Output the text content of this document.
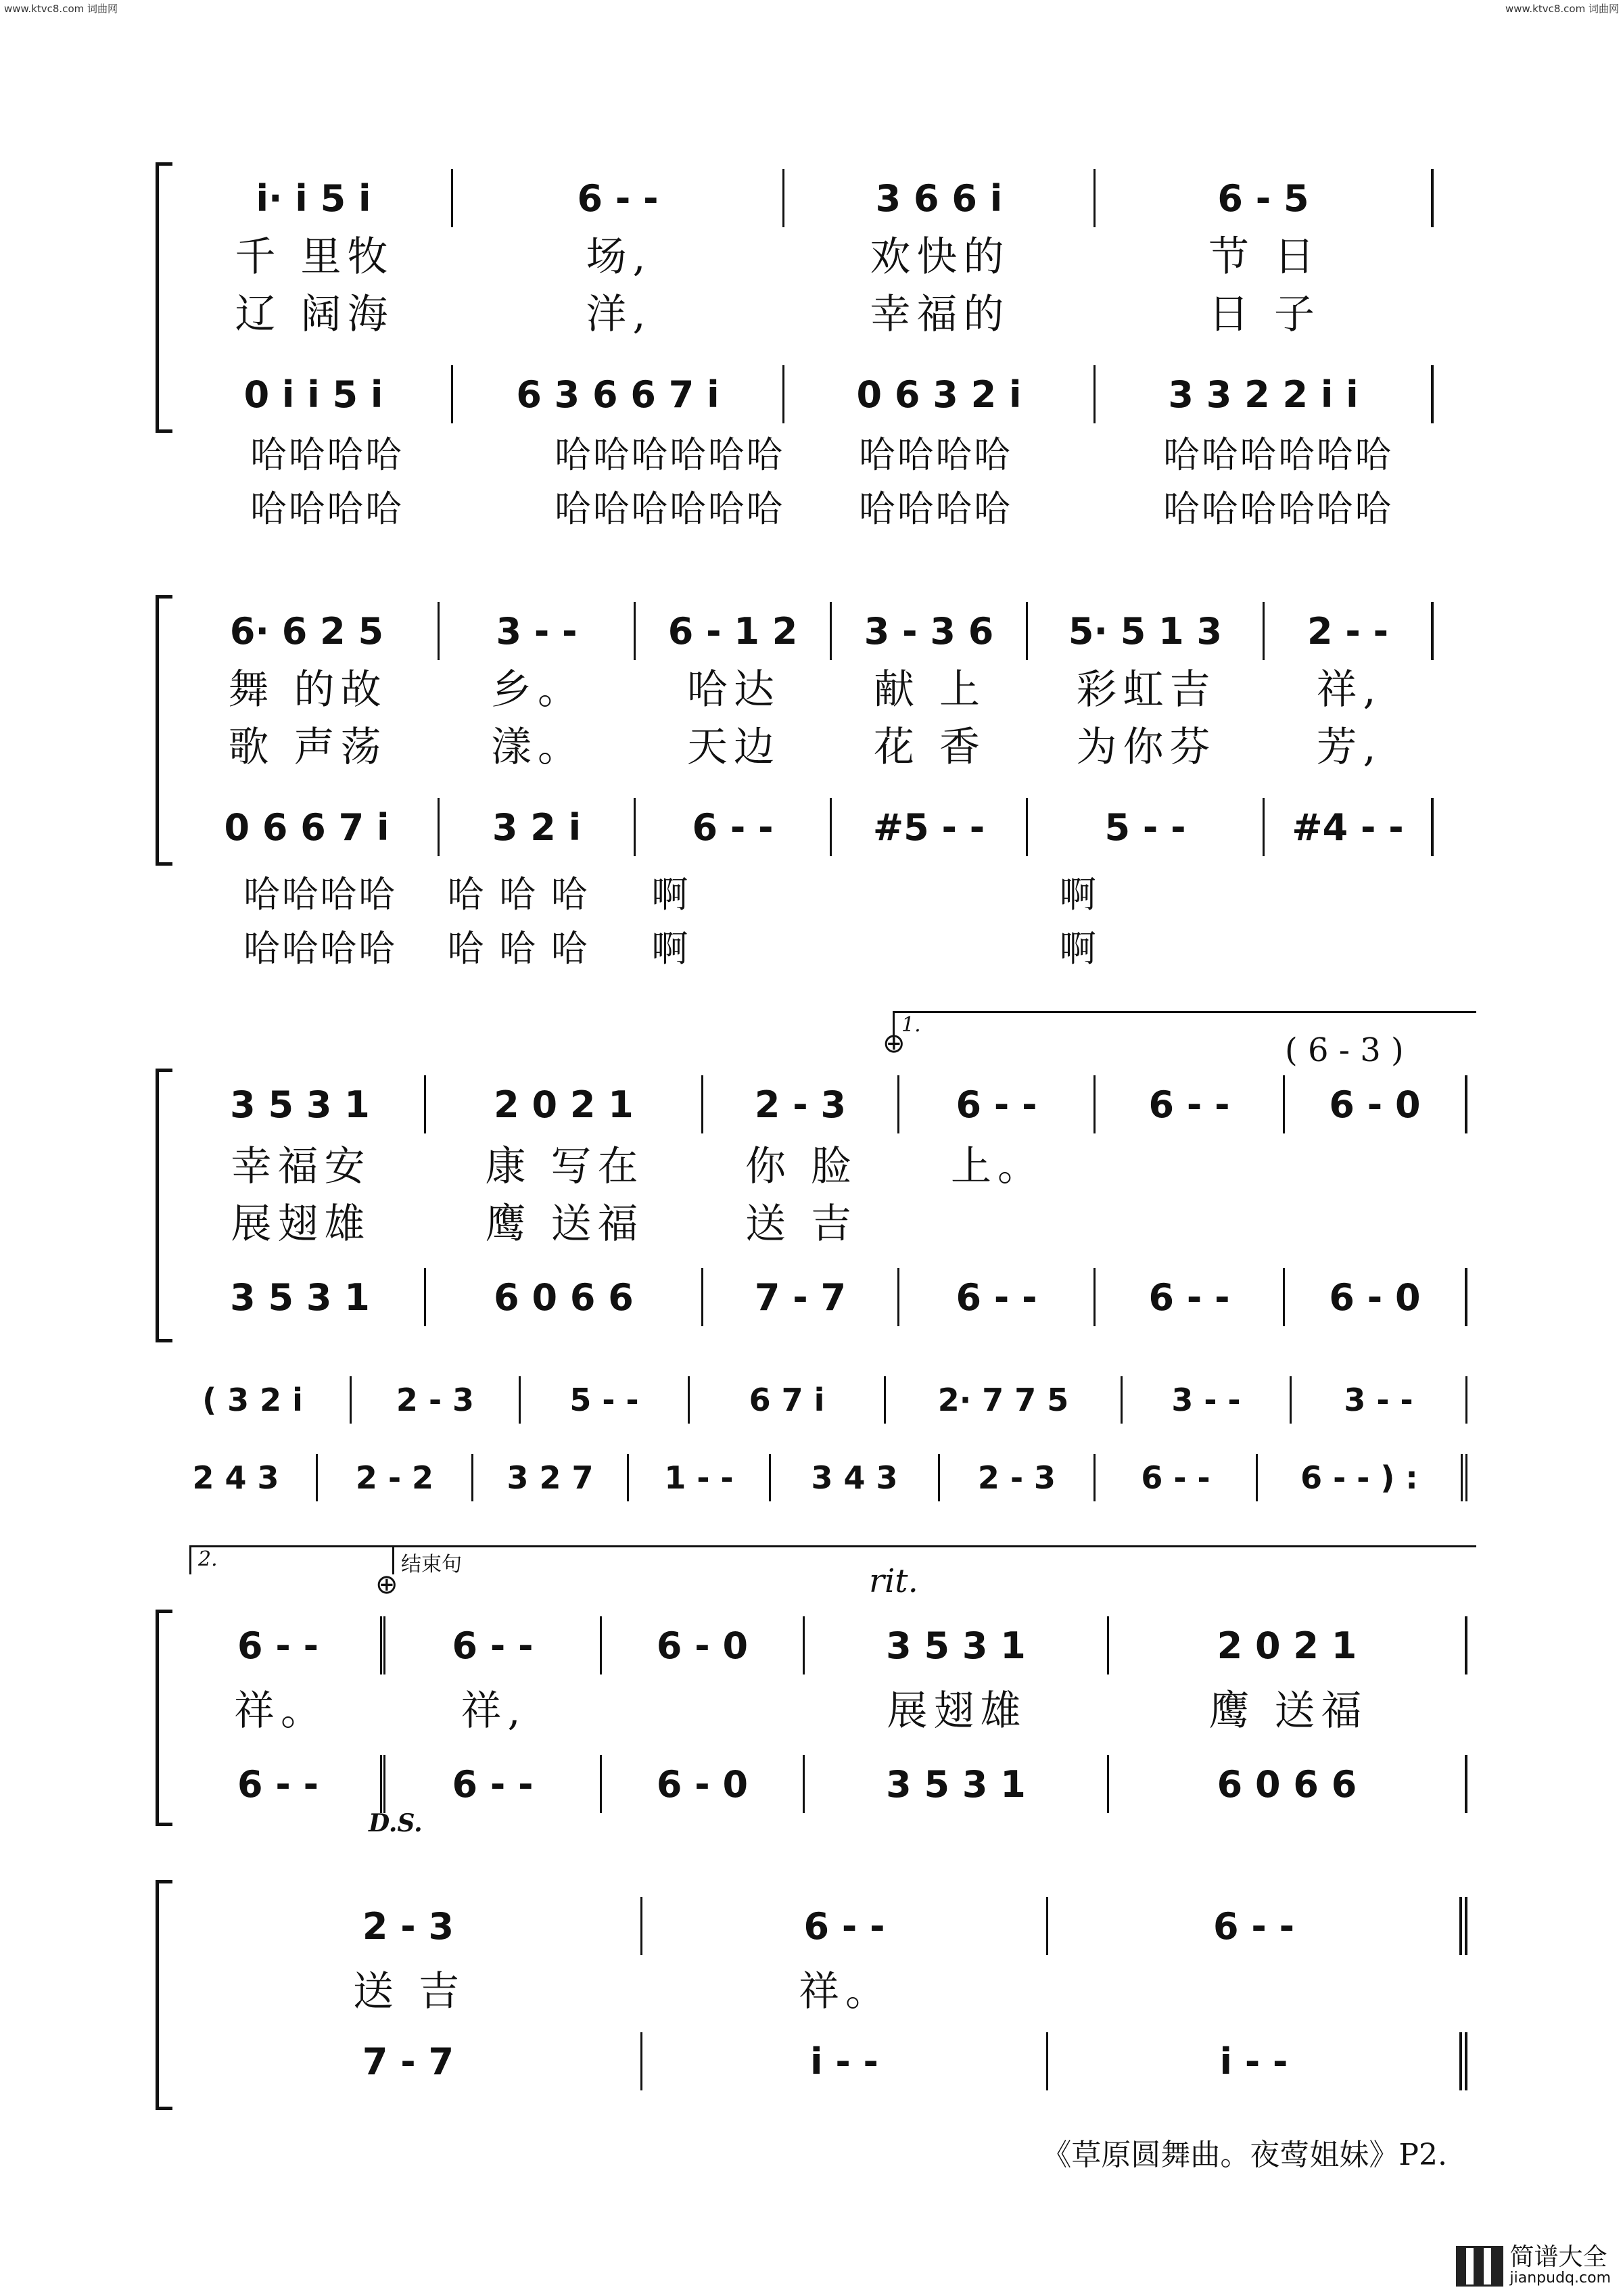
www.ktvc8.com 词曲网	www.ktvc8.com 词曲网
i· i 5 i	6 - -	3 6 6 i	6 - 5
千 里牧	场,	欢快的	节 日
辽 阔海	洋,	幸福的	日 子
0 i i 5 i	6 3 6 6 7 i	0 6 3 2 i	3 3 2 2 i i
哈哈哈哈	哈哈哈哈哈哈	哈哈哈哈	哈哈哈哈哈哈
哈哈哈哈	哈哈哈哈哈哈	哈哈哈哈	哈哈哈哈哈哈
6· 6 2 5	3 - -	6 - 1 2	3 - 3 6	5· 5 1 3	2 - -
舞 的故	乡。	哈达	献 上	彩虹吉	祥,
歌 声荡	漾。	天边	花 香	为你芬	芳,
0 6 6 7 i	3 2 i	6 - -	#5 - -	5 - -	#4 - -
哈哈哈哈	哈 哈 哈	啊	啊
哈哈哈哈	哈 哈 哈	啊	啊
1.
⊕	( 6 - 3 )
3 5 3 1	2 0 2 1	2 - 3	6 - -	6 - -	6 - 0
幸福安	康 写在	你 脸	上。
展翅雄	鹰 送福	送 吉
3 5 3 1	6 0 6 6	7 - 7	6 - -	6 - -	6 - 0
( 3 2 i	2 - 3	5 - -	6 7 i	2· 7 7 5	3 - -	3 - -
2 4 3	2 - 2	3 2 7	1 - -	3 4 3	2 - 3	6 - -	6 - - ) :
2.	结束句
⊕	rit.
6 - -	6 - -	6 - 0	3 5 3 1	2 0 2 1
祥。	祥,	展翅雄	鹰 送福
6 - -	6 - -	6 - 0	3 5 3 1	6 0 6 6
D.S.
2 - 3	6 - -	6 - -
送 吉	祥。
7 - 7	i - -	i - -
《草原圆舞曲。夜莺姐妹》P2.
简谱大全
jianpudq.com
